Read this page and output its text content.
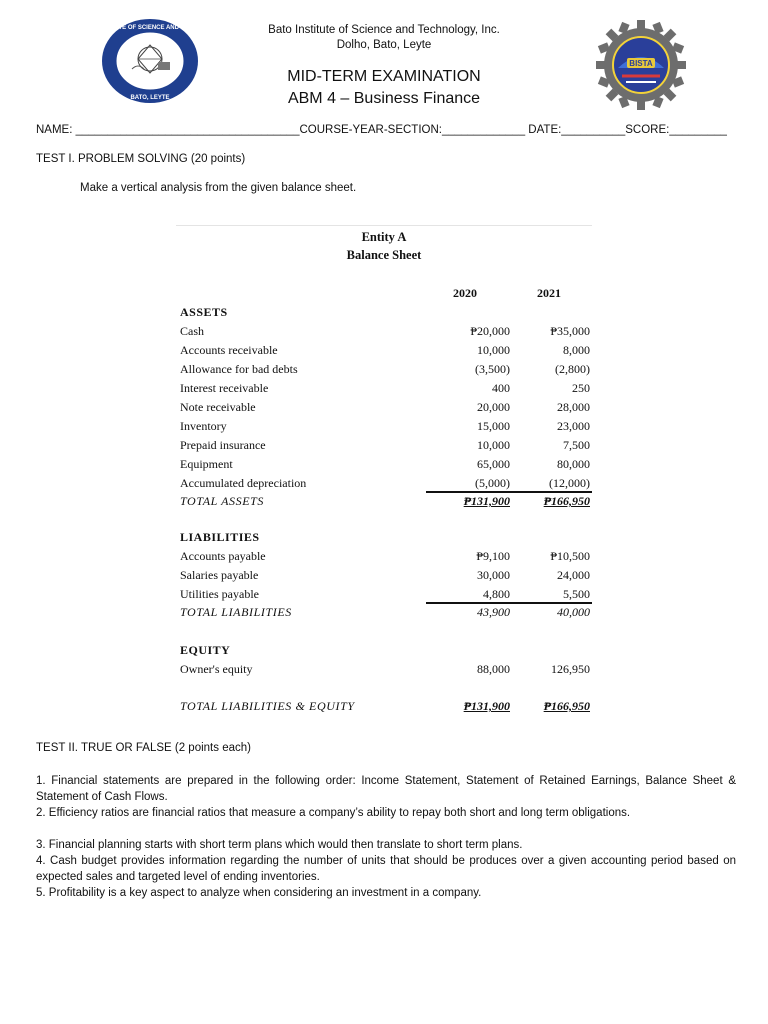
BATO INSTITUTE OF SCIENCE AND TECHNOLOGY
BATO, LEYTE
BISTA
Bato Institute of Science and Technology, Inc.
Dolho, Bato, Leyte
MID-TERM EXAMINATION
ABM 4 – Business Finance
NAME: ___________________________________COURSE-YEAR-SECTION:_____________ DATE:__________SCORE:_________
TEST I. PROBLEM SOLVING (20 points)
Make a vertical analysis from the given balance sheet.
Entity A
Balance Sheet
2020	2021
ASSETS
Cash	₱20,000	₱35,000
Accounts receivable	10,000	8,000
Allowance for bad debts	(3,500)	(2,800)
Interest receivable	400	250
Note receivable	20,000	28,000
Inventory	15,000	23,000
Prepaid insurance	10,000	7,500
Equipment	65,000	80,000
Accumulated depreciation	(5,000)	(12,000)
TOTAL ASSETS	₱131,900	₱166,950
LIABILITIES
Accounts payable	₱9,100	₱10,500
Salaries payable	30,000	24,000
Utilities payable	4,800	5,500
TOTAL LIABILITIES	43,900	40,000
EQUITY
Owner's equity	88,000	126,950
TOTAL LIABILITIES & EQUITY	₱131,900	₱166,950
TEST II. TRUE OR FALSE (2 points each)
1. Financial statements are prepared in the following order: Income Statement, Statement of Retained Earnings, Balance Sheet & Statement of Cash Flows.
2. Efficiency ratios are financial ratios that measure a company’s ability to repay both short and long term obligations.
3. Financial planning starts with short term plans which would then translate to short term plans.
4. Cash budget provides information regarding the number of units that should be produces over a given accounting period based on expected sales and targeted level of ending inventories.
5. Profitability is a key aspect to analyze when considering an investment in a company.
